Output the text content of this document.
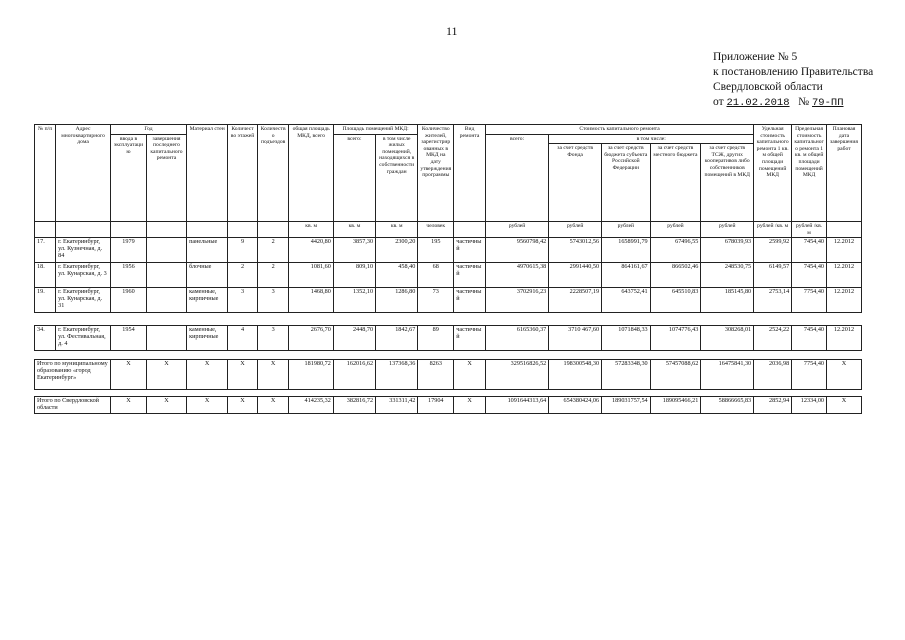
11
Приложение № 5
к постановлению Правительства
Свердловской области
от 21.02.2018 № 79-ПП
№ п/п	Адрес многоквартирного дома	Год		Материал стен	Количество этажей	Количество подъездов	общая площадь МКД, всего	Площадь помещений МКД:		Количество жителей, зарегистрированных в МКД на дату утверждения программы	Вид ремонта	Стоимость капитального ремонта					Удельная стоимость капитального ремонта 1 кв. м общей площади помещений МКД	Предельная стоимость капитального ремонта 1 кв. м общей площади помещений МКД	Плановая дата завершения работ
		ввода в эксплуатацию	завершения последнего капитального ремонта					всего:	в том числе жилых помещений, находящихся в собственности граждан			всего:	в том числе:						
													за счет средств Фонда	за счет средств бюджета субъекта Российской Федерации	за счет средств местного бюджета	за счет средств ТСЖ, других кооперативов либо собственников помещений в МКД			
							кв. м	кв. м	кв. м	человек		рублей	рублей	рублей	рублей	рублей	рублей /кв. м	рублей /кв. м	
17.	г. Екатеринбург, ул. Кузнечная, д. 84	1979		панельные	9	2	4420,80	3857,30	2300,20	195	частичный	9560798,42	5743012,56	1658991,79	67496,55	678039,93	2599,92	7454,40	12.2012
18.	г. Екатеринбург, ул. Кунарская, д. 3	1956		блочные	2	2	1081,60	809,10	458,40	68	частичный	4970615,38	2991440,50	864161,67	866502,46	248530,75	6149,57	7454,40	12.2012
19.	г. Екатеринбург, ул. Кунарская, д. 31	1960		каменные, кирпичные	3	3	1468,80	1352,10	1286,80	73	частичный	3702916,23	2228507,19	643752,41	645510,83	185145,80	2753,14	7754,40	12.2012

34.	г. Екатеринбург, ул. Фестивальная, д. 4	1954		каменные, кирпичные	4	3	2676,70	2448,70	1842,67	89	частичный	6165360,37	3710 467,60	1071848,33	1074776,43	308268,01	2524,22	7454,40	12.2012

Итого по муниципальному образованию «город Екатеринбург»		X	X	X	X	X	181980,72	162016,62	137368,36	8263	X	329516826,52	198300548,30	57283348,30	57457088,62	16475841,30	2036,98	7754,40	X

Итого по Свердловской области		X	X	X	X	X	414235,32	382816,72	331311,42	17904	X	1091644313,64	654380424,06	189031757,54	189095466,21	58866665,83	2852,94	12334,00	X
